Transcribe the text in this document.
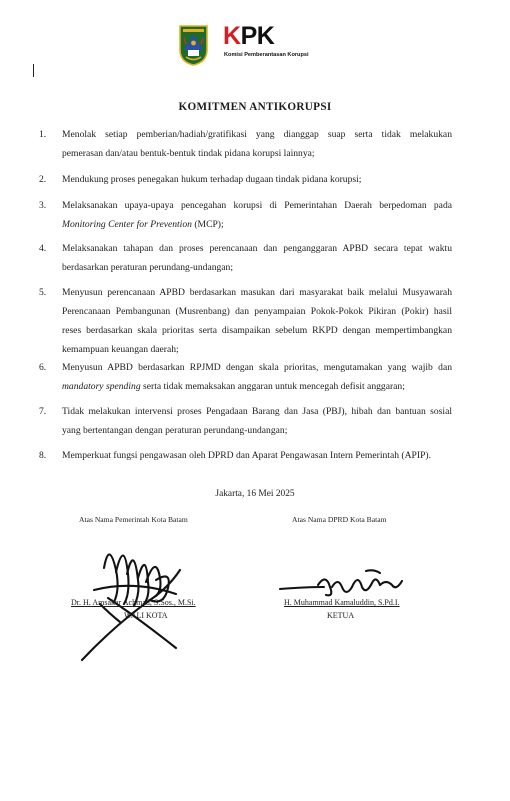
KPK
Komisi Pemberantasan Korupsi
KOMITMEN ANTIKORUPSI
1. Menolak setiap pemberian/hadiah/gratifikasi yang dianggap suap serta tidak melakukan
pemerasan dan/atau bentuk-bentuk tindak pidana korupsi lainnya;
2. Mendukung proses penegakan hukum terhadap dugaan tindak pidana korupsi;
3. Melaksanakan upaya-upaya pencegahan korupsi di Pemerintahan Daerah berpedoman pada
Monitoring Center for Prevention (MCP);
4. Melaksanakan tahapan dan proses perencanaan dan penganggaran APBD secara tepat waktu
berdasarkan peraturan perundang-undangan;
5. Menyusun perencanaan APBD berdasarkan masukan dari masyarakat baik melalui Musyawarah
Perencanaan Pembangunan (Musrenbang) dan penyampaian Pokok-Pokok Pikiran (Pokir) hasil
reses berdasarkan skala prioritas serta disampaikan sebelum RKPD dengan mempertimbangkan
kemampuan keuangan daerah;
6. Menyusun APBD berdasarkan RPJMD dengan skala prioritas, mengutamakan yang wajib dan
mandatory spending serta tidak memaksakan anggaran untuk mencegah defisit anggaran;
7. Tidak melakukan intervensi proses Pengadaan Barang dan Jasa (PBJ), hibah dan bantuan sosial
yang bertentangan dengan peraturan perundang-undangan;
8. Memperkuat fungsi pengawasan oleh DPRD dan Aparat Pengawasan Intern Pemerintah (APIP).
Jakarta, 16 Mei 2025
Atas Nama Pemerintah Kota Batam	Atas Nama DPRD Kota Batam
Dr. H. Amsakar Achmad, S.Sos., M.Si.
WALI KOTA
H. Muhammad Kamaluddin, S.Pd.I.
KETUA
